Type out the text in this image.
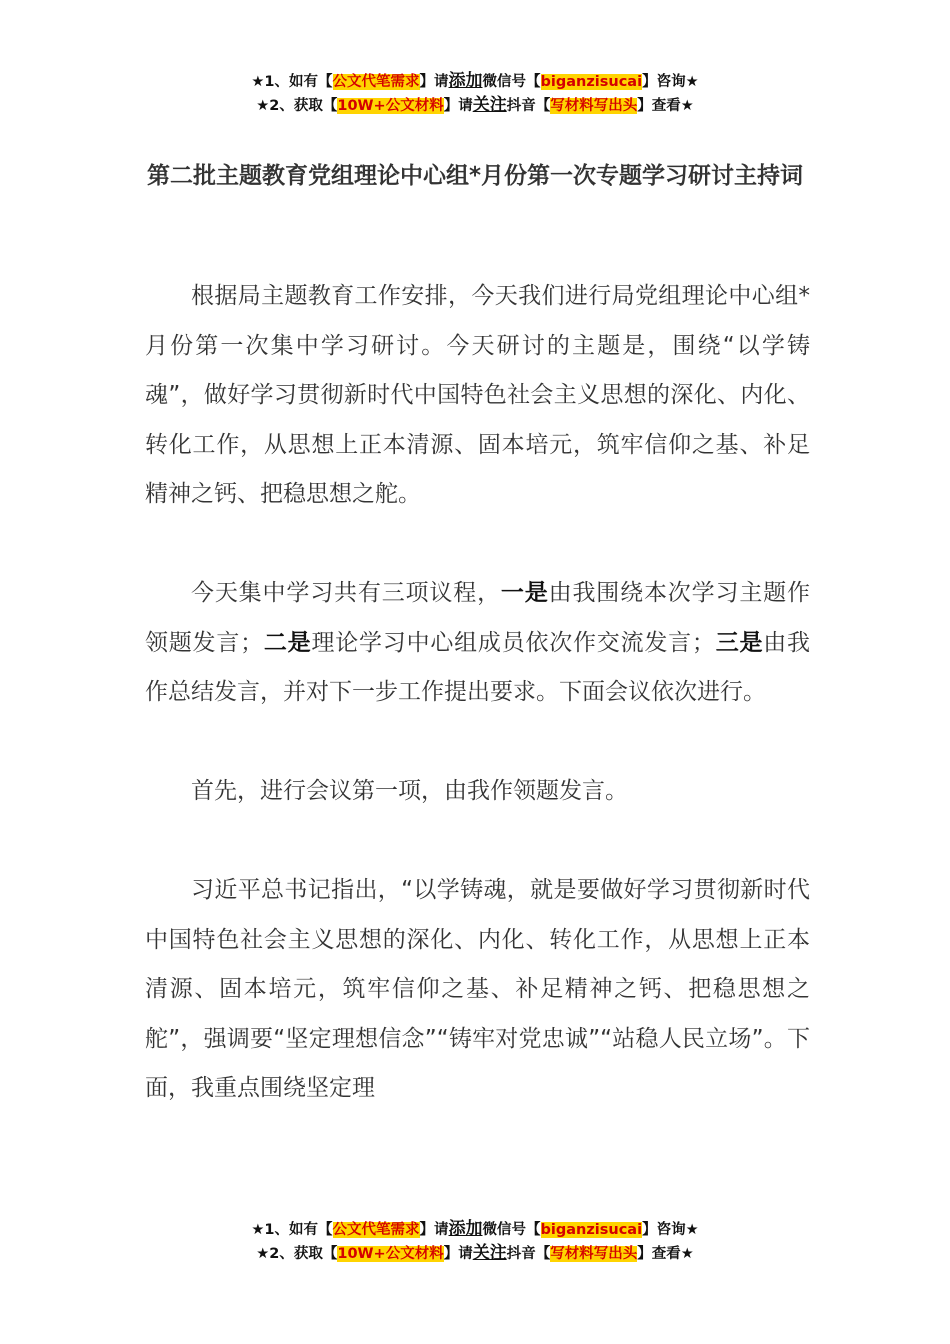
★1、如有【公文代笔需求】请添加微信号【biganzisucai】咨询★
★2、获取【10W+公文材料】请关注抖音【写材料写出头】查看★
第二批主题教育党组理论中心组*月份第一次专题学习研讨主持词

根据局主题教育工作安排，今天我们进行局党组理论中心组*月份第一次集中学习研讨。今天研讨的主题是，围绕“以学铸魂”，做好学习贯彻新时代中国特色社会主义思想的深化、内化、转化工作，从思想上正本清源、固本培元，筑牢信仰之基、补足精神之钙、把稳思想之舵。

今天集中学习共有三项议程，一是由我围绕本次学习主题作领题发言；二是理论学习中心组成员依次作交流发言；三是由我作总结发言，并对下一步工作提出要求。下面会议依次进行。

首先，进行会议第一项，由我作领题发言。

习近平总书记指出，“以学铸魂，就是要做好学习贯彻新时代中国特色社会主义思想的深化、内化、转化工作，从思想上正本清源、固本培元，筑牢信仰之基、补足精神之钙、把稳思想之舵”，强调要“坚定理想信念”“铸牢对党忠诚”“站稳人民立场”。下面，我重点围绕坚定理

★1、如有【公文代笔需求】请添加微信号【biganzisucai】咨询★
★2、获取【10W+公文材料】请关注抖音【写材料写出头】查看★
